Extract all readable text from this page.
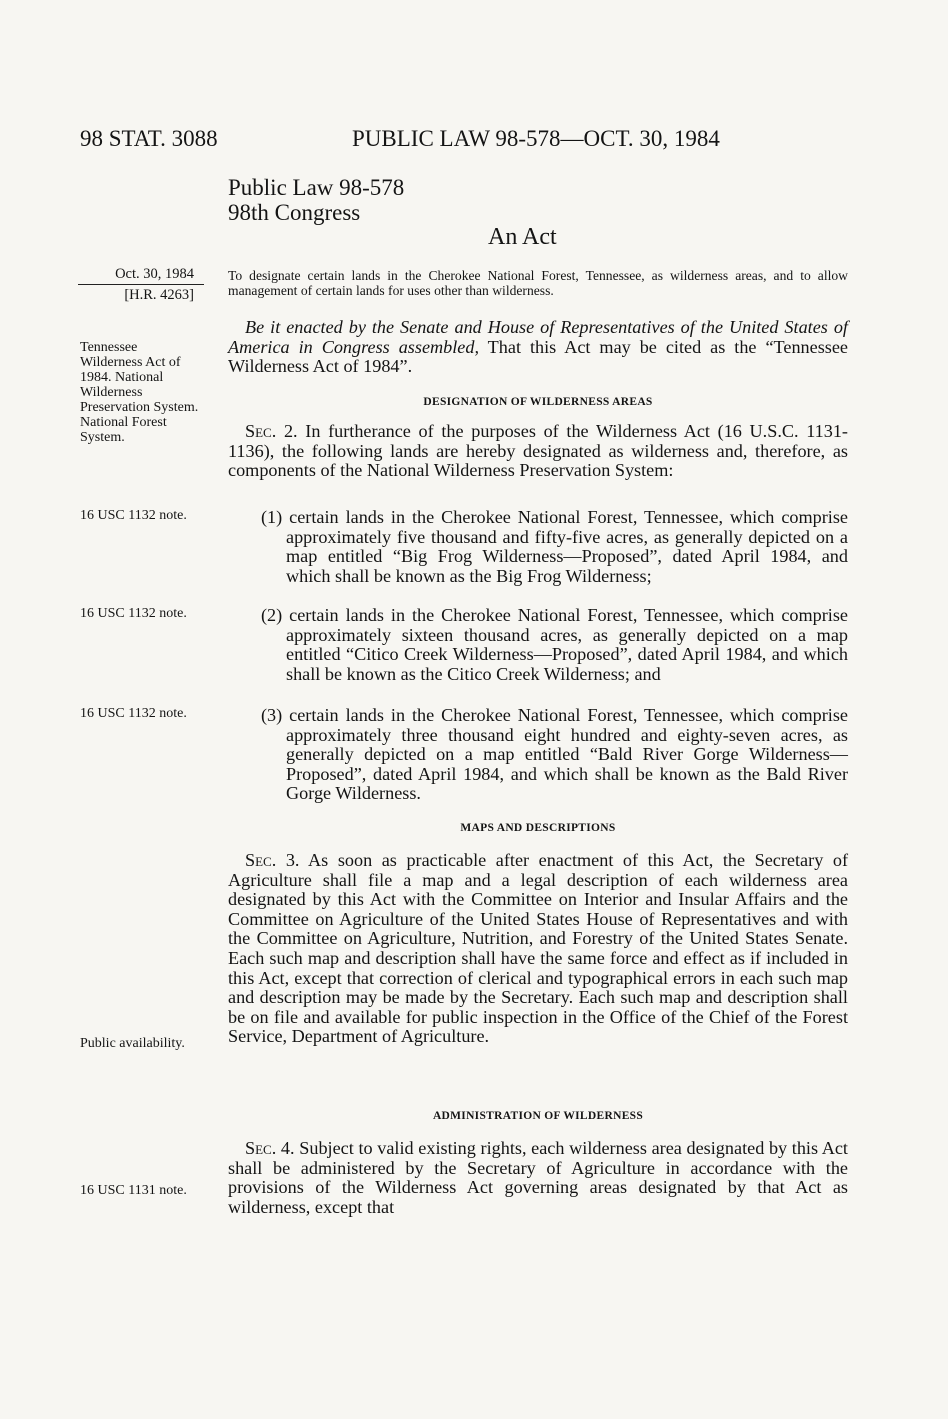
98 STAT. 3088	PUBLIC LAW 98-578—OCT. 30, 1984
Public Law 98-578
98th Congress
An Act
Oct. 30, 1984
[H.R. 4263]
To designate certain lands in the Cherokee National Forest, Tennessee, as wilderness areas, and to allow management of certain lands for uses other than wilderness.
Tennessee Wilderness Act of 1984. National Wilderness Preservation System. National Forest System.
16 USC 1132 note.
16 USC 1132 note.
16 USC 1132 note.
Public availability.
16 USC 1131 note.
Be it enacted by the Senate and House of Representatives of the United States of America in Congress assembled, That this Act may be cited as the “Tennessee Wilderness Act of 1984”.
DESIGNATION OF WILDERNESS AREAS
Sec. 2. In furtherance of the purposes of the Wilderness Act (16 U.S.C. 1131-1136), the following lands are hereby designated as wilderness and, therefore, as components of the National Wilderness Preservation System:
(1) certain lands in the Cherokee National Forest, Tennessee, which comprise approximately five thousand and fifty-five acres, as generally depicted on a map entitled “Big Frog Wilderness—Proposed”, dated April 1984, and which shall be known as the Big Frog Wilderness;
(2) certain lands in the Cherokee National Forest, Tennessee, which comprise approximately sixteen thousand acres, as generally depicted on a map entitled “Citico Creek Wilderness—Proposed”, dated April 1984, and which shall be known as the Citico Creek Wilderness; and
(3) certain lands in the Cherokee National Forest, Tennessee, which comprise approximately three thousand eight hundred and eighty-seven acres, as generally depicted on a map entitled “Bald River Gorge Wilderness—Proposed”, dated April 1984, and which shall be known as the Bald River Gorge Wilderness.
MAPS AND DESCRIPTIONS
Sec. 3. As soon as practicable after enactment of this Act, the Secretary of Agriculture shall file a map and a legal description of each wilderness area designated by this Act with the Committee on Interior and Insular Affairs and the Committee on Agriculture of the United States House of Representatives and with the Committee on Agriculture, Nutrition, and Forestry of the United States Senate. Each such map and description shall have the same force and effect as if included in this Act, except that correction of clerical and typographical errors in each such map and description may be made by the Secretary. Each such map and description shall be on file and available for public inspection in the Office of the Chief of the Forest Service, Department of Agriculture.
ADMINISTRATION OF WILDERNESS
Sec. 4. Subject to valid existing rights, each wilderness area designated by this Act shall be administered by the Secretary of Agriculture in accordance with the provisions of the Wilderness Act governing areas designated by that Act as wilderness, except that
